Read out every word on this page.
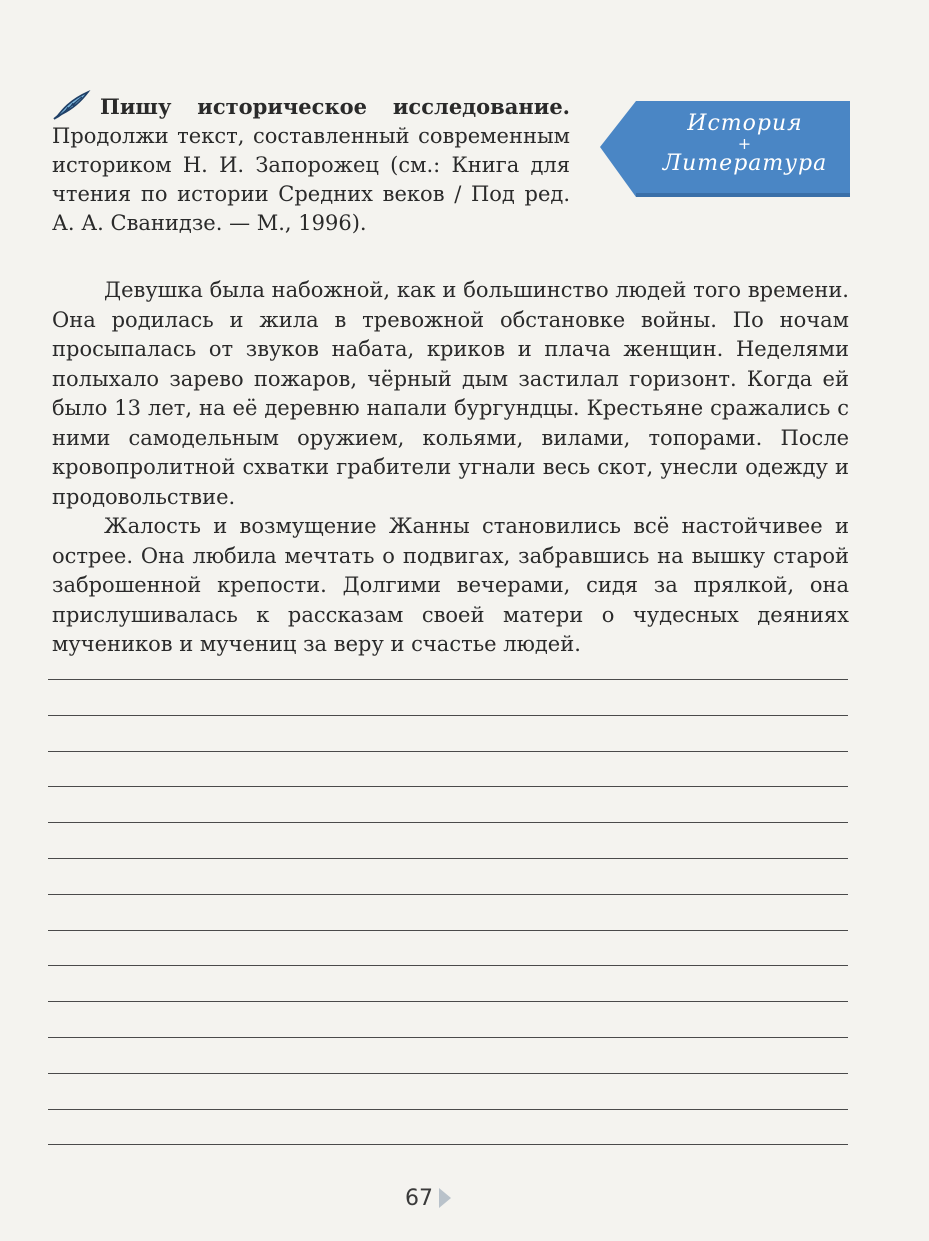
Пишу историческое исследование. Продолжи текст, составленный современным историком Н. И. Запорожец (см.: Книга для чтения по истории Средних веков / Под ред. А. А. Сванидзе. — М., 1996).
История
+
Литература

Девушка была набожной, как и большинство людей того времени. Она родилась и жила в тревожной обстановке войны. По ночам просыпалась от звуков набата, криков и плача женщин. Неделями полыхало зарево пожаров, чёрный дым застилал горизонт. Когда ей было 13 лет, на её деревню напали бургундцы. Крестьяне сражались с ними самодельным оружием, кольями, вилами, топорами. После кровопролитной схватки грабители угнали весь скот, унесли одежду и продовольствие.

Жалость и возмущение Жанны становились всё настойчивее и острее. Она любила мечтать о подвигах, забравшись на вышку старой заброшенной крепости. Долгими вечерами, сидя за прялкой, она прислушивалась к рассказам своей матери о чудесных деяниях мучеников и мучениц за веру и счастье людей.

67
